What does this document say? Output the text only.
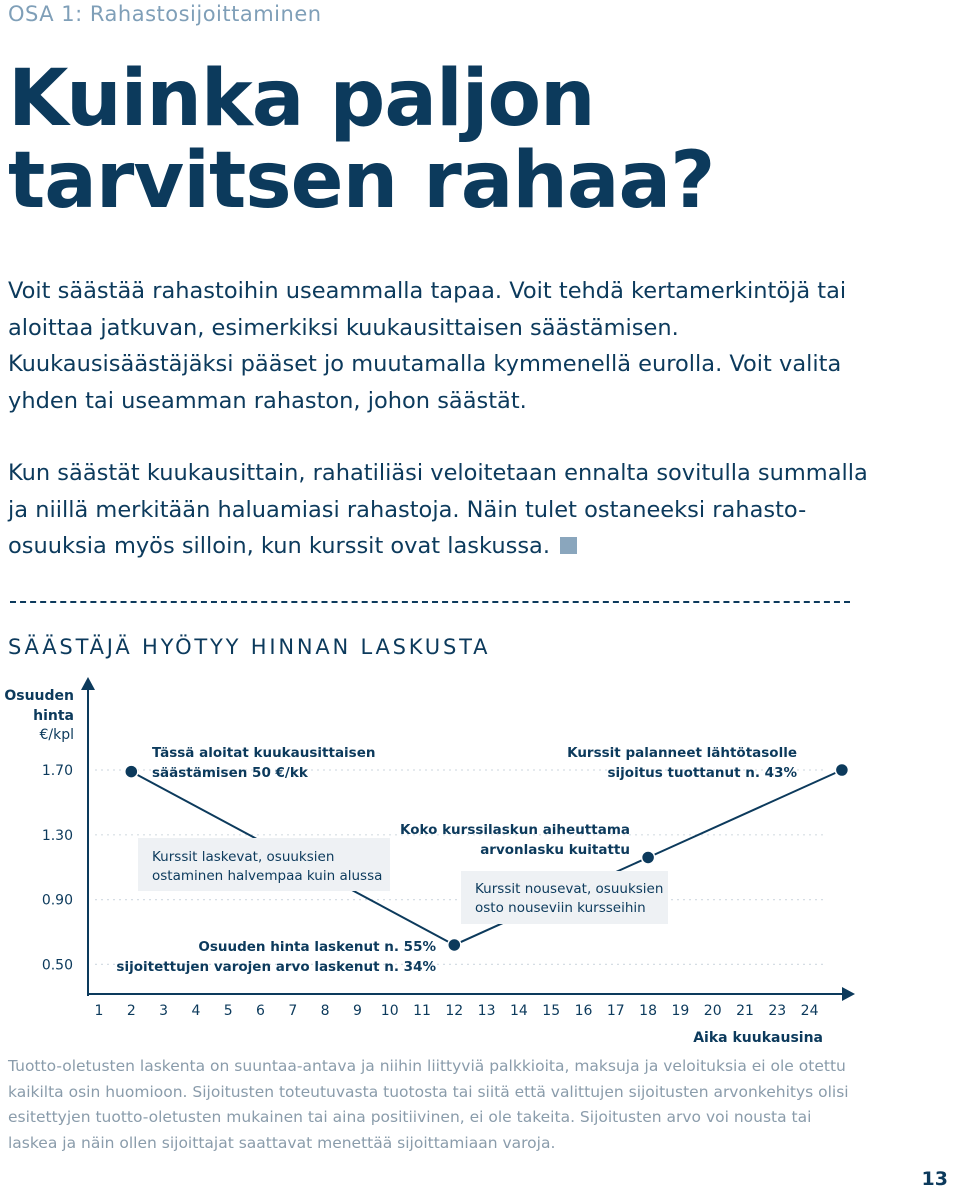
OSA 1: Rahastosijoittaminen
Kuinka paljon tarvitsen rahaa?

Voit säästää rahastoihin useammalla tapaa. Voit tehdä kertamerkintöjä tai aloittaa jatkuvan, esimerkiksi kuukausittaisen säästämisen. Kuukausisäästäjäksi pääset jo muutamalla kymmenellä eurolla. Voit valita yhden tai useamman rahaston, johon säästät.

Kun säästät kuukausittain, rahatiliäsi veloitetaan ennalta sovitulla summalla ja niillä merkitään haluamiasi rahastoja. Näin tulet ostaneeksi rahasto-osuuksia myös silloin, kun kurssit ovat laskussa.

SÄÄSTÄJÄ HYÖTYY HINNAN LASKUSTA
Osuuden
hinta
€/kpl
1.70
1.30
0.90
0.50
1 2 3 4 5 6 7 8 9 10 11 12 13 14 15 16 17 18 19 20 21 23 24
Aika kuukausina
Tässä aloitat kuukausittaisen
säästämisen 50 €/kk
Kurssit palanneet lähtötasolle
sijoitus tuottanut n. 43%
Kurssit laskevat, osuuksien
ostaminen halvempaa kuin alussa
Koko kurssilaskun aiheuttama
arvonlasku kuitattu
Kurssit nousevat, osuuksien
osto nouseviin kursseihin
Osuuden hinta laskenut n. 55%
sijoitettujen varojen arvo laskenut n. 34%

Tuotto-oletusten laskenta on suuntaa-antava ja niihin liittyviä palkkioita, maksuja ja veloituksia ei ole otettu kaikilta osin huomioon. Sijoitusten toteutuvasta tuotosta tai siitä että valittujen sijoitusten arvonkehitys olisi esitettyjen tuotto-oletusten mukainen tai aina positiivinen, ei ole takeita. Sijoitusten arvo voi nousta tai laskea ja näin ollen sijoittajat saattavat menettää sijoittamiaan varoja.

13
